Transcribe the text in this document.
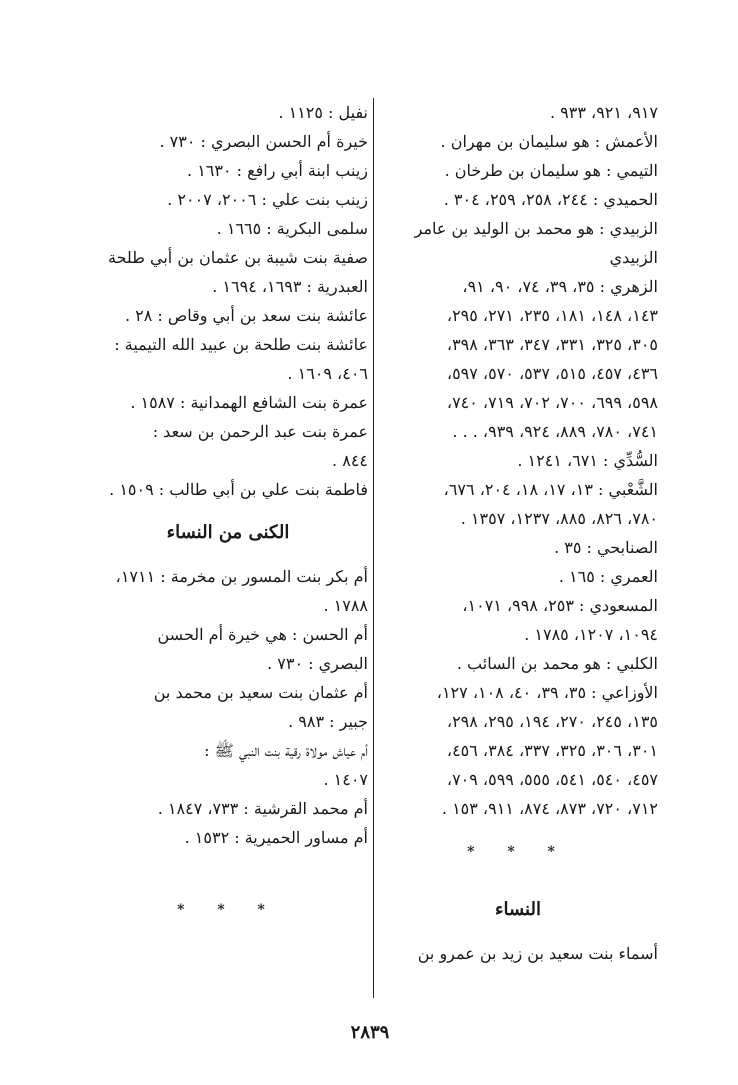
٩١٧، ٩٢١، ٩٣٣ .
الأعمش : هو سليمان بن مهران .
التيمي : هو سليمان بن طرخان .
الحميدي : ٢٤٤، ٢٥٨، ٢٥٩، ٣٠٤ .
الزبيدي : هو محمد بن الوليد بن عامر
الزبيدي
الزهري : ٣٥، ٣٩، ٧٤، ٩٠، ٩١،
١٤٣، ١٤٨، ١٨١، ٢٣٥، ٢٧١، ٢٩٥،
٣٠٥، ٣٢٥، ٣٣١، ٣٤٧، ٣٦٣، ٣٩٨،
٤٣٦، ٤٥٧، ٥١٥، ٥٣٧، ٥٧٠، ٥٩٧،
٥٩٨، ٦٩٩، ٧٠٠، ٧٠٢، ٧١٩، ٧٤٠،
٧٤١، ٧٨٠، ٨٨٩، ٩٢٤، ٩٣٩، . . .
السُّدِّي : ٦٧١، ١٢٤١ .
الشَّعْبي : ١٣، ١٧، ١٨، ٢٠٤، ٦٧٦،
٧٨٠، ٨٢٦، ٨٨٥، ١٢٣٧، ١٣٥٧ .
الصنابحي : ٣٥ .
العمري : ١٦٥ .
المسعودي : ٢٥٣، ٩٩٨، ١٠٧١،
١٠٩٤، ١٢٠٧، ١٧٨٥ .
الكلبي : هو محمد بن السائب .
الأوزاعي : ٣٥، ٣٩، ٤٠، ١٠٨، ١٢٧،
١٣٥، ٢٤٥، ٢٧٠، ١٩٤، ٢٩٥، ٢٩٨،
٣٠١، ٣٠٦، ٣٢٥، ٣٣٧، ٣٨٤، ٤٥٦،
٤٥٧، ٥٤٠، ٥٤١، ٥٥٥، ٥٩٩، ٧٠٩،
٧١٢، ٧٢٠، ٨٧٣، ٨٧٤، ٩١١، ١٥٣ .
* * *
النساء
أسماء بنت سعيد بن زيد بن عمرو بن
نفيل : ١١٢٥ .
خيرة أم الحسن البصري : ٧٣٠ .
زينب ابنة أبي رافع : ١٦٣٠ .
زينب بنت علي : ٢٠٠٦، ٢٠٠٧ .
سلمى البكرية : ١٦٦٥ .
صفية بنت شيبة بن عثمان بن أبي طلحة
العبدرية : ١٦٩٣، ١٦٩٤ .
عائشة بنت سعد بن أبي وقاص : ٢٨ .
عائشة بنت طلحة بن عبيد الله التيمية :
٤٠٦، ١٦٠٩ .
عمرة بنت الشافع الهمدانية : ١٥٨٧ .
عمرة بنت عبد الرحمن بن سعد :
٨٤٤ .
فاطمة بنت علي بن أبي طالب : ١٥٠٩ .
الكنى من النساء
أم بكر بنت المسور بن مخرمة : ١٧١١،
١٧٨٨ .
أم الحسن : هي خيرة أم الحسن
البصري : ٧٣٠ .
أم عثمان بنت سعيد بن محمد بن
جبير : ٩٨٣ .
أم عياش مولاة رقية بنت النبي ﷺ :
١٤٠٧ .
أم محمد القرشية : ٧٣٣، ١٨٤٧ .
أم مساور الحميرية : ١٥٣٢ .
* * *
٢٨٣٩
